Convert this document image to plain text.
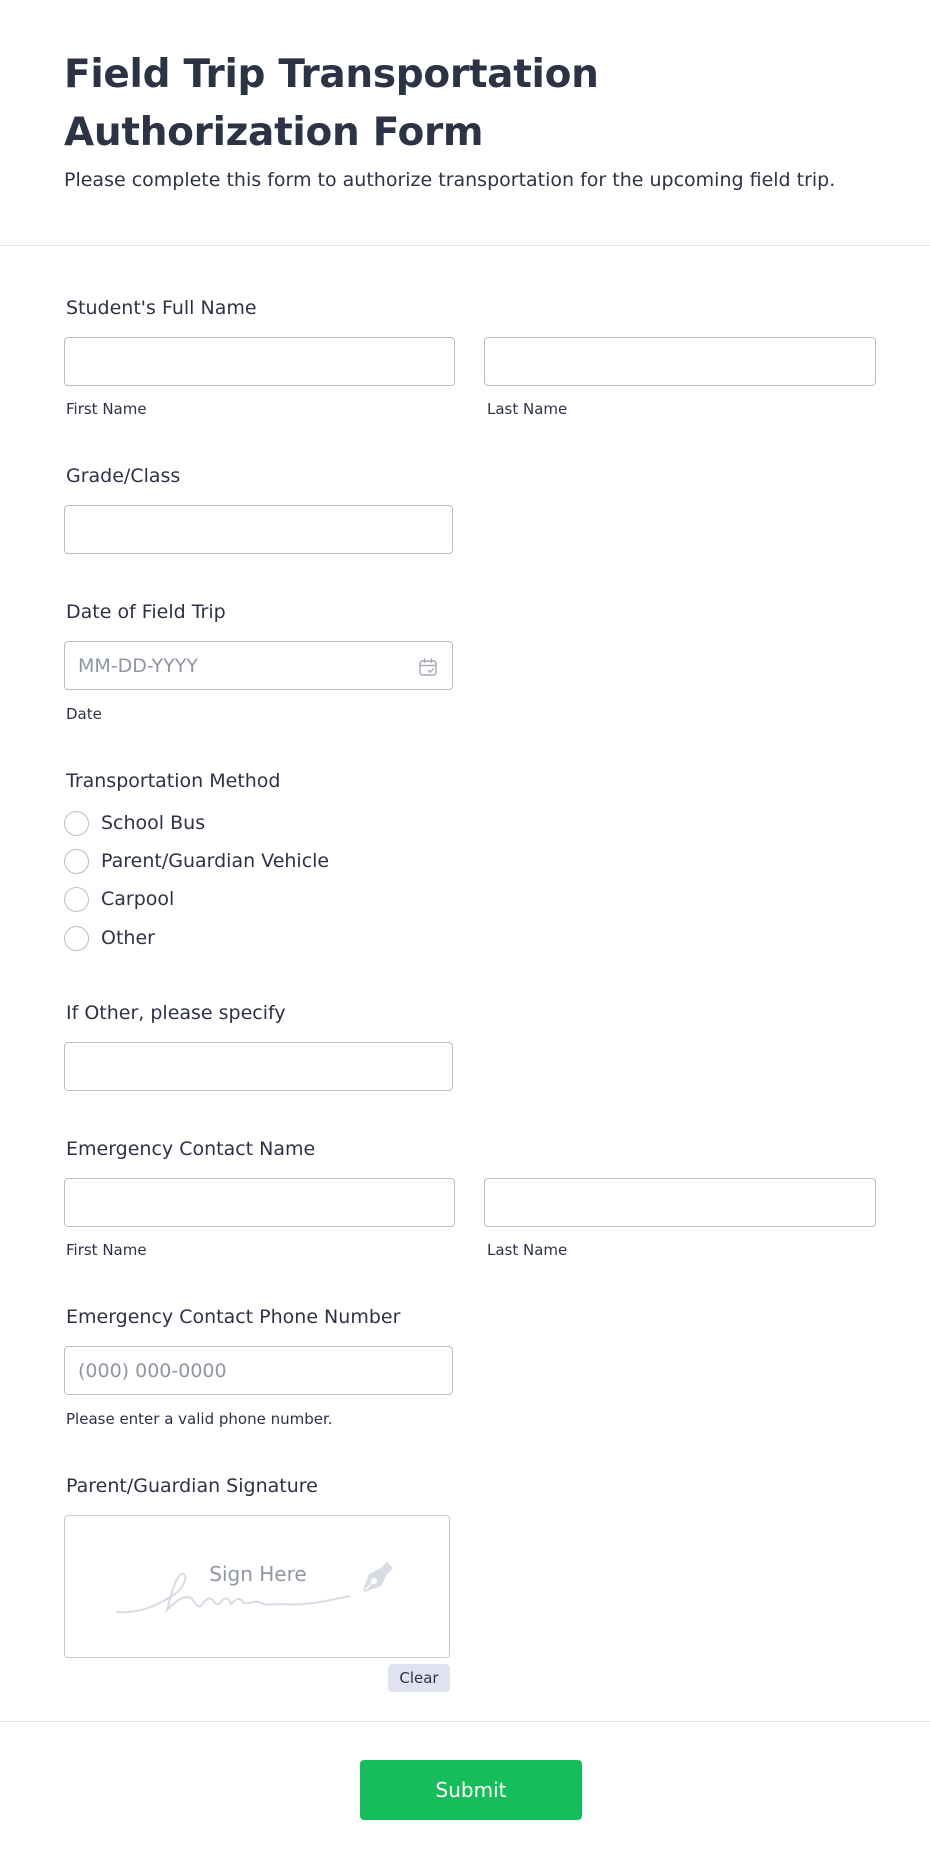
Field Trip Transportation Authorization Form

Please complete this form to authorize transportation for the upcoming field trip.

Student's Full Name
First Name	Last Name
Grade/Class
Date of Field Trip
MM-DD-YYYY
Date
Transportation Method
School Bus
Parent/Guardian Vehicle
Carpool
Other
If Other, please specify
Emergency Contact Name
First Name	Last Name
Emergency Contact Phone Number
(000) 000-0000
Please enter a valid phone number.
Parent/Guardian Signature
Sign Here
Clear
Submit
